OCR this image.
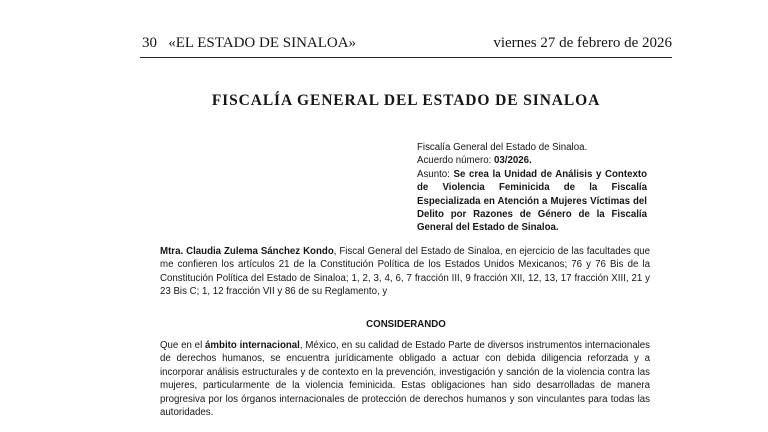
30 «EL ESTADO DE SINALOA»	viernes 27 de febrero de 2026
FISCALÍA GENERAL DEL ESTADO DE SINALOA
Fiscalía General del Estado de Sinaloa.
Acuerdo número: 03/2026.
Asunto: Se crea la Unidad de Análisis y Contexto de Violencia Feminicida de la Fiscalía Especializada en Atención a Mujeres Víctimas del Delito por Razones de Género de la Fiscalía General del Estado de Sinaloa.
Mtra. Claudia Zulema Sánchez Kondo, Fiscal General del Estado de Sinaloa, en ejercicio de las facultades que me confieren los artículos 21 de la Constitución Política de los Estados Unidos Mexicanos; 76 y 76 Bis de la Constitución Política del Estado de Sinaloa; 1, 2, 3, 4, 6, 7 fracción III, 9 fracción XII, 12, 13, 17 fracción XIII, 21 y 23 Bis C; 1, 12 fracción VII y 86 de su Reglamento, y
CONSIDERANDO
Que en el ámbito internacional, México, en su calidad de Estado Parte de diversos instrumentos internacionales de derechos humanos, se encuentra jurídicamente obligado a actuar con debida diligencia reforzada y a incorporar análisis estructurales y de contexto en la prevención, investigación y sanción de la violencia contra las mujeres, particularmente de la violencia feminicida. Estas obligaciones han sido desarrolladas de manera progresiva por los órganos internacionales de protección de derechos humanos y son vinculantes para todas las autoridades.
